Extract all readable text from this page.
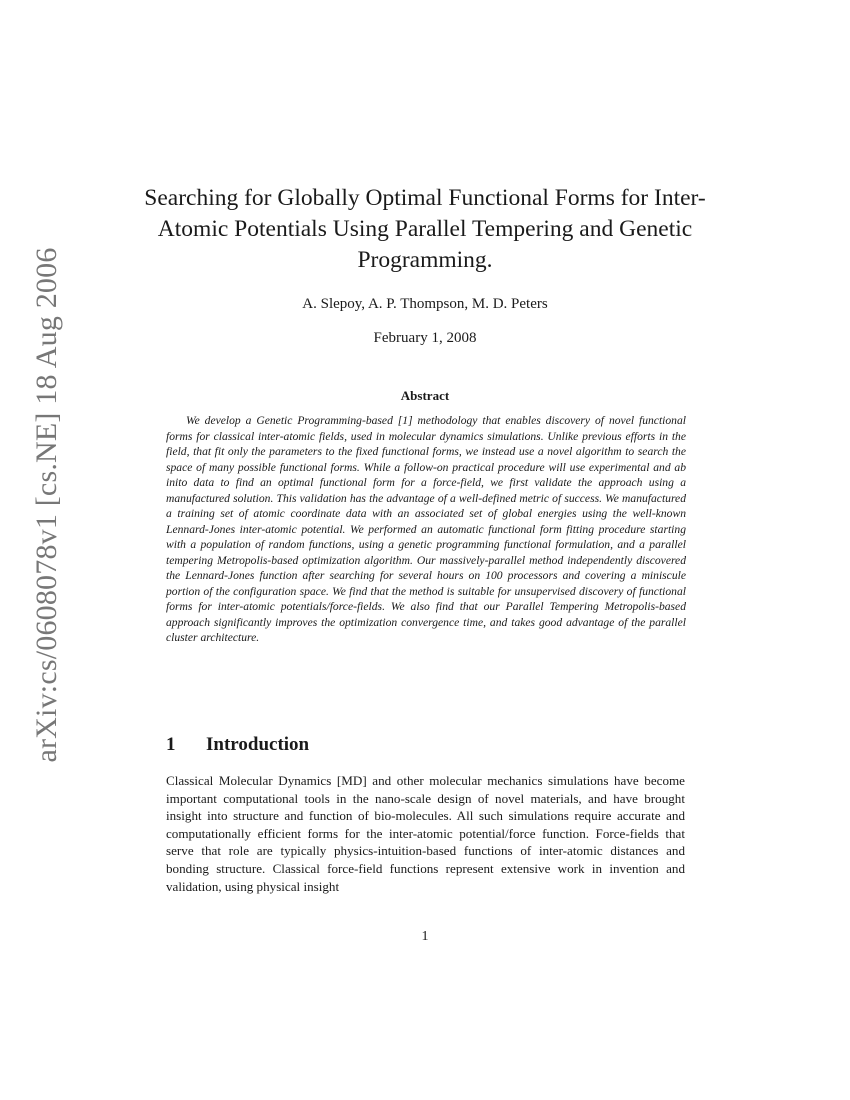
arXiv:cs/0608078v1 [cs.NE] 18 Aug 2006
Searching for Globally Optimal Functional Forms for Inter-Atomic Potentials Using Parallel Tempering and Genetic Programming.
A. Slepoy, A. P. Thompson, M. D. Peters
February 1, 2008
Abstract

We develop a Genetic Programming-based [1] methodology that enables discovery of novel functional forms for classical inter-atomic fields, used in molecular dynamics simulations. Unlike previous efforts in the field, that fit only the parameters to the fixed functional forms, we instead use a novel algorithm to search the space of many possible functional forms. While a follow-on practical procedure will use experimental and ab inito data to find an optimal functional form for a force-field, we first validate the approach using a manufactured solution. This validation has the advantage of a well-defined metric of success. We manufactured a training set of atomic coordinate data with an associated set of global energies using the well-known Lennard-Jones inter-atomic potential. We performed an automatic functional form fitting procedure starting with a population of random functions, using a genetic programming functional formulation, and a parallel tempering Metropolis-based optimization algorithm. Our massively-parallel method independently discovered the Lennard-Jones function after searching for several hours on 100 processors and covering a miniscule portion of the configuration space. We find that the method is suitable for unsupervised discovery of functional forms for inter-atomic potentials/force-fields. We also find that our Parallel Tempering Metropolis-based approach significantly improves the optimization convergence time, and takes good advantage of the parallel cluster architecture.

1 Introduction

Classical Molecular Dynamics [MD] and other molecular mechanics simulations have become important computational tools in the nano-scale design of novel materials, and have brought insight into structure and function of bio-molecules. All such simulations require accurate and computationally efficient forms for the inter-atomic potential/force function. Force-fields that serve that role are typically physics-intuition-based functions of inter-atomic distances and bonding structure. Classical force-field functions represent extensive work in invention and validation, using physical insight

1
